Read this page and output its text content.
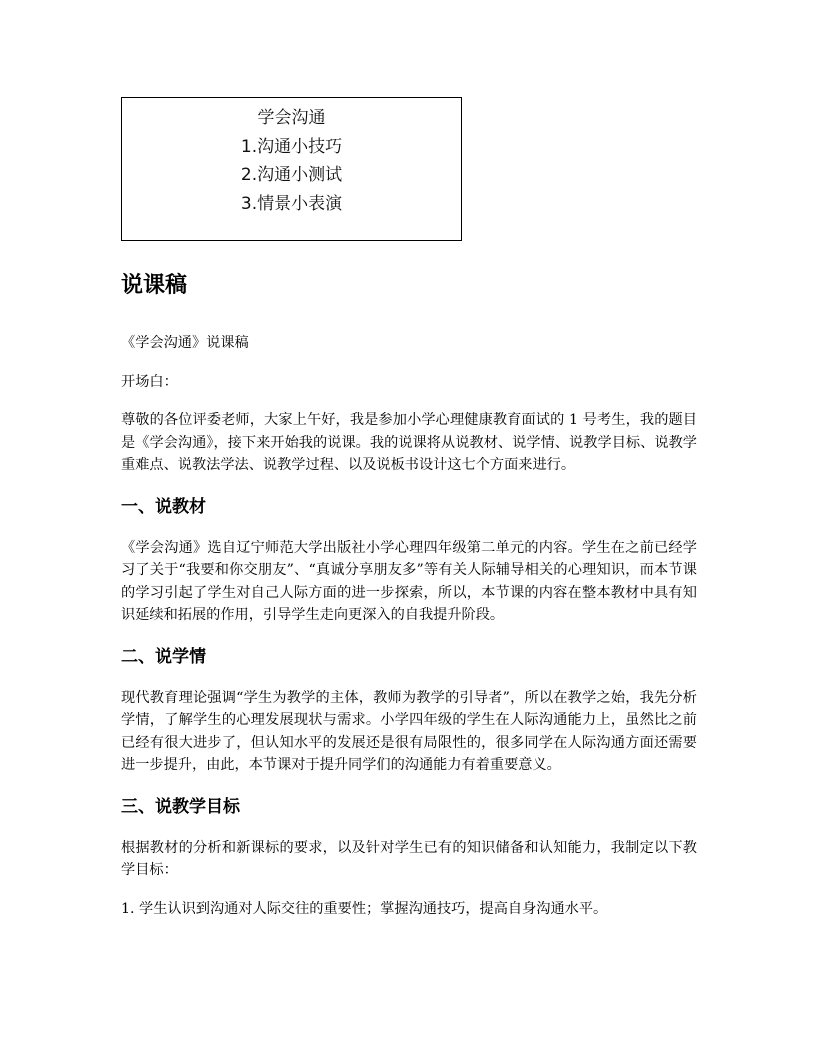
学会沟通
1.沟通小技巧
2.沟通小测试
3.情景小表演
说课稿

《学会沟通》说课稿

开场白：

尊敬的各位评委老师，大家上午好，我是参加小学心理健康教育面试的 1 号考生，我的题目是《学会沟通》，接下来开始我的说课。我的说课将从说教材、说学情、说教学目标、说教学重难点、说教法学法、说教学过程、以及说板书设计这七个方面来进行。

一、说教材

《学会沟通》选自辽宁师范大学出版社小学心理四年级第二单元的内容。学生在之前已经学习了关于“我要和你交朋友”、“真诚分享朋友多”等有关人际辅导相关的心理知识，而本节课的学习引起了学生对自己人际方面的进一步探索，所以，本节课的内容在整本教材中具有知识延续和拓展的作用，引导学生走向更深入的自我提升阶段。

二、说学情

现代教育理论强调“学生为教学的主体，教师为教学的引导者”，所以在教学之始，我先分析学情，了解学生的心理发展现状与需求。小学四年级的学生在人际沟通能力上，虽然比之前已经有很大进步了，但认知水平的发展还是很有局限性的，很多同学在人际沟通方面还需要进一步提升，由此，本节课对于提升同学们的沟通能力有着重要意义。

三、说教学目标

根据教材的分析和新课标的要求，以及针对学生已有的知识储备和认知能力，我制定以下教学目标：

1. 学生认识到沟通对人际交往的重要性；掌握沟通技巧，提高自身沟通水平。
